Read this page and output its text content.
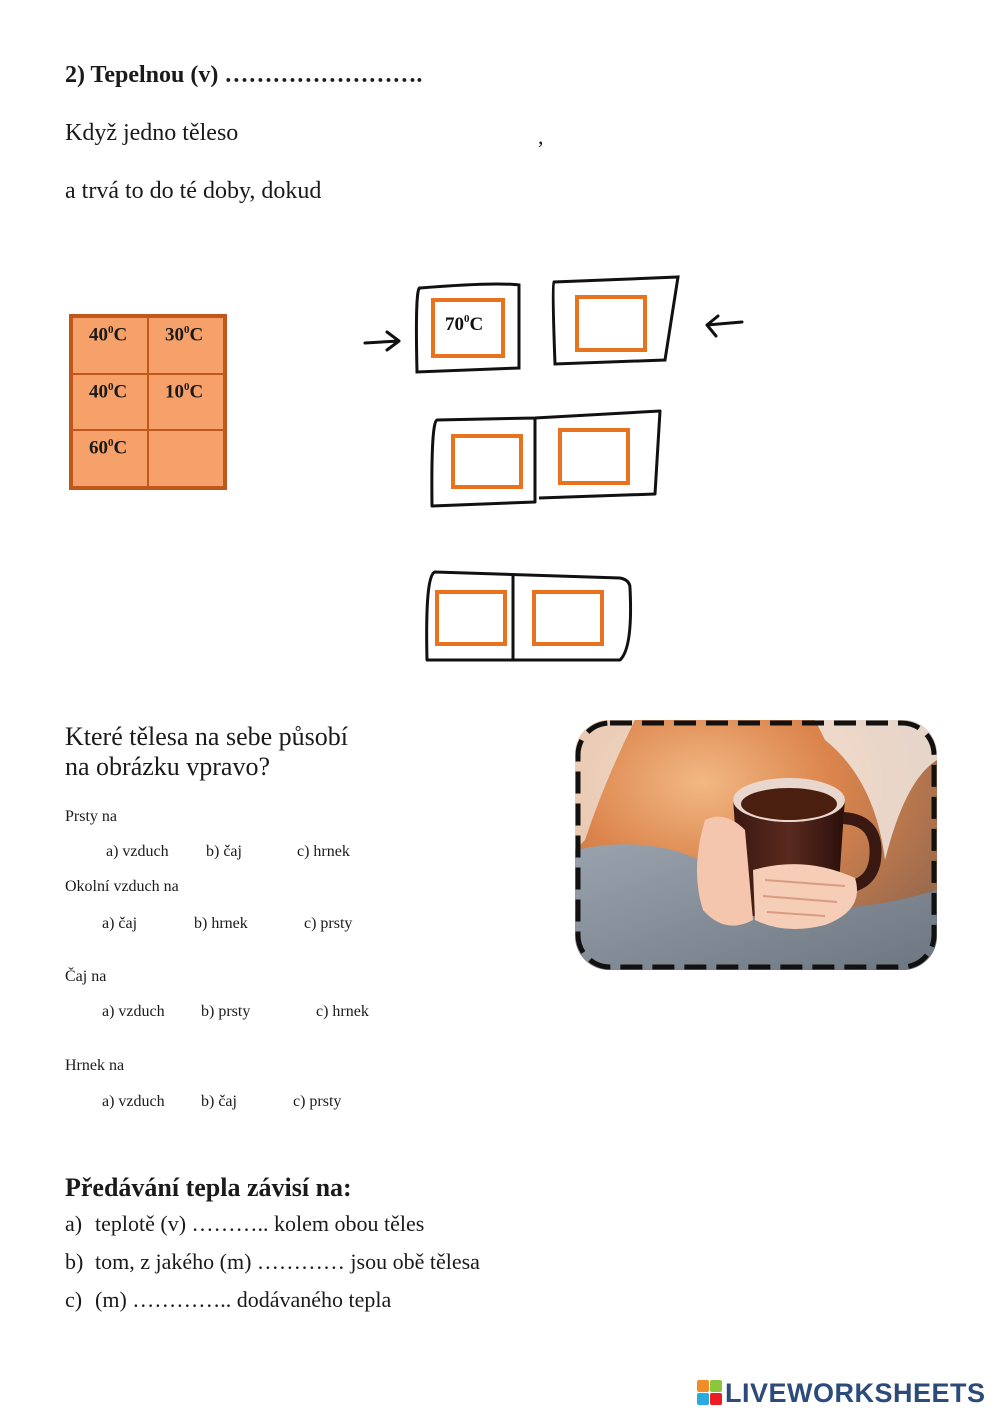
2) Tepelnou (v) …………………….
Když jedno těleso	,
a trvá to do té doby, dokud
$40^0C$	$30^0C$
$40^0C$	$10^0C$
$60^0C$
$70^0C$
Které tělesa na sebe působí
na obrázku vpravo?
Prsty na
a) vzduch b) čaj	c) hrnek
Okolní vzduch na
a) čaj	b) hrnek	c) prsty
Čaj na
a) vzduch b) prsty	c) hrnek
Hrnek na
a) vzduch b) čaj	c) prsty
Předávání tepla závisí na:
a) teplotě (v) ……….. kolem obou těles
b) tom, z jakého (m) ………… jsou obě tělesa
c) (m) ………….. dodávaného tepla
LIVEWORKSHEETS
